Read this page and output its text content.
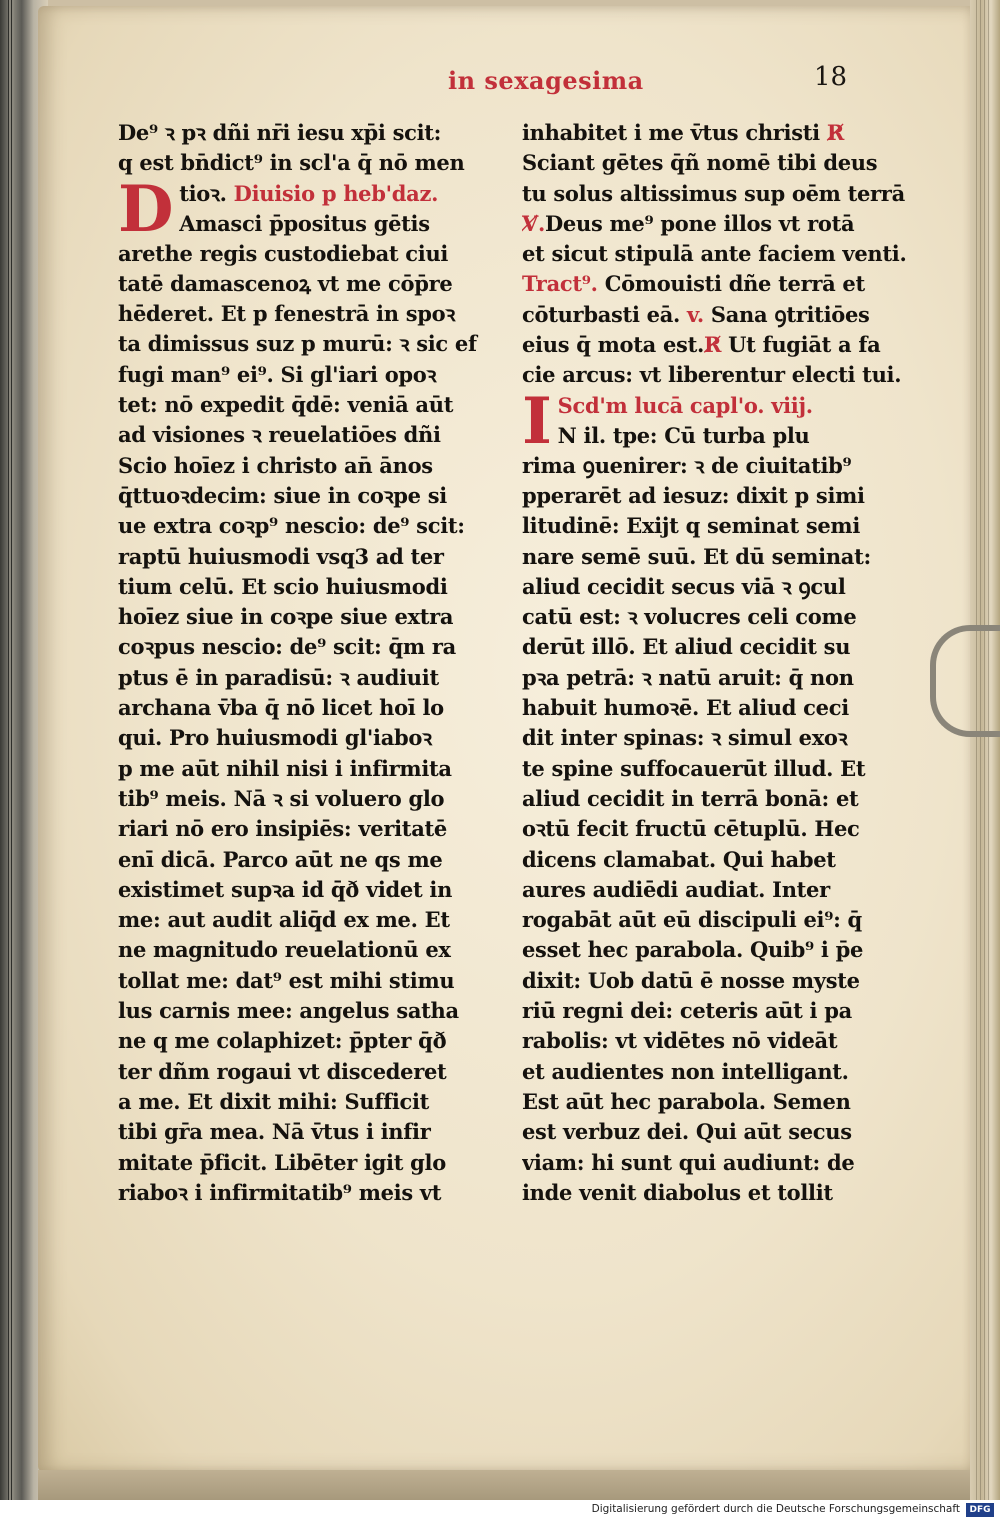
in sexagesima	18
De⁹ ꝛ pꝛ dñi nr̄i iesu xp̄i scit:
q est bn̄dict⁹ in scl'a q̄ nō men
D tioꝛ. Diuisio p heb'daz.
Amasci p̄positus gētis
arethe regis custodiebat ciui
tatē damascenoꝝ vt me cōp̄re
hēderet. Et p fenestrā in spoꝛ
ta dimissus suz p murū: ꝛ sic ef
fugi man⁹ ei⁹. Si gl'iari opoꝛ
tet: nō expedit q̄dē: veniā aūt
ad visiones ꝛ reuelatiōes dñi
Scio hoīez i christo an̄ ānos
q̄ttuoꝛdecim: siue in coꝛpe si
ue extra coꝛp⁹ nescio: de⁹ scit:
raptū huiusmodi vsq3 ad ter
tium celū. Et scio huiusmodi
hoīez siue in coꝛpe siue extra
coꝛpus nescio: de⁹ scit: q̄m ra
ptus ē in paradisū: ꝛ audiuit
archana v̄ba q̄ nō licet hoī lo
qui. Pro huiusmodi gl'iaboꝛ
p me aūt nihil nisi i infirmita
tib⁹ meis. Nā ꝛ si voluero glo
riari nō ero insipiēs: veritatē
enī dicā. Parco aūt ne qs me
existimet supꝛa id q̄ð videt in
me: aut audit aliq̄d ex me. Et
ne magnitudo reuelationū ex
tollat me: dat⁹ est mihi stimu
lus carnis mee: angelus satha
ne q me colaphizet: p̄pter q̄ð
ter dñm rogaui vt discederet
a me. Et dixit mihi: Sufficit
tibi gr̄a mea. Nā v̄tus i infir
mitate p̄ficit. Libēter igit glo
riaboꝛ i infirmitatib⁹ meis vt
inhabitet i me v̄tus christi R̸
Sciant gētes q̄ñ nomē tibi deus
tu solus altissimus sup oēm terrā
V̸.Deus me⁹ pone illos vt rotā
et sicut stipulā ante faciem venti.
Tract⁹. Cōmouisti dñe terrā et
cōturbasti eā. v. Sana ꝯtritiōes
eius q̄ mota est.R̸ Ut fugiāt a fa
cie arcus: vt liberentur electi tui.
I Scd'm lucā capl'o. viij.
N il. tpe: Cū turba plu
rima ꝯuenirer: ꝛ de ciuitatib⁹
pperarēt ad iesuz: dixit p simi
litudinē: Exijt q seminat semi
nare semē suū. Et dū seminat:
aliud cecidit secus viā ꝛ ꝯcul
catū est: ꝛ volucres celi come
derūt illō. Et aliud cecidit su
pꝛa petrā: ꝛ natū aruit: q̄ non
habuit humoꝛē. Et aliud ceci
dit inter spinas: ꝛ simul exoꝛ
te spine suffocauerūt illud. Et
aliud cecidit in terrā bonā: et
oꝛtū fecit fructū cētuplū. Hec
dicens clamabat. Qui habet
aures audiēdi audiat. Inter
rogabāt aūt eū discipuli ei⁹: q̄
esset hec parabola. Quib⁹ i p̄e
dixit: Uob datū ē nosse myste
riū regni dei: ceteris aūt i pa
rabolis: vt vidētes nō videāt
et audientes non intelligant.
Est aūt hec parabola. Semen
est verbuz dei. Qui aūt secus
viam: hi sunt qui audiunt: de
inde venit diabolus et tollit
Digitalisierung gefördert durch die Deutsche Forschungsgemeinschaft	DFG
